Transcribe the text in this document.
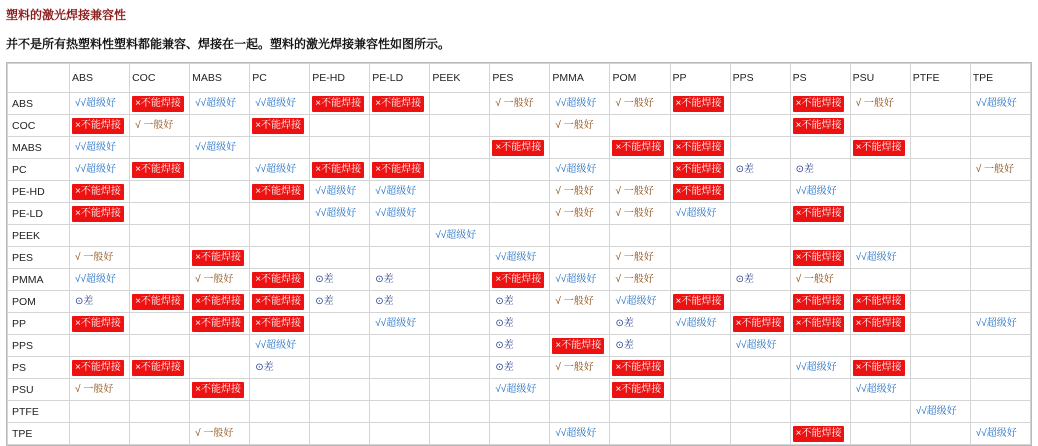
塑料的激光焊接兼容性
并不是所有热塑料性塑料都能兼容、焊接在一起。塑料的激光焊接兼容性如图所示。
	ABS	COC	MABS	PC	PE-HD	PE-LD	PEEK	PES	PMMA	POM	PP	PPS	PS	PSU	PTFE	TPE
ABS	√√超级好	×不能焊接	√√超级好	√√超级好	×不能焊接	×不能焊接		√ 一般好	√√超级好	√ 一般好	×不能焊接		×不能焊接	√ 一般好		√√超级好
COC	×不能焊接	√ 一般好		×不能焊接					√ 一般好				×不能焊接			
MABS	√√超级好		√√超级好					×不能焊接		×不能焊接	×不能焊接			×不能焊接		
PC	√√超级好	×不能焊接		√√超级好	×不能焊接	×不能焊接			√√超级好		×不能焊接	⊙差	⊙差			√ 一般好
PE-HD	×不能焊接			×不能焊接	√√超级好	√√超级好			√ 一般好	√ 一般好	×不能焊接		√√超级好			
PE-LD	×不能焊接				√√超级好	√√超级好			√ 一般好	√ 一般好	√√超级好		×不能焊接			
PEEK							√√超级好									
PES	√ 一般好		×不能焊接					√√超级好		√ 一般好			×不能焊接	√√超级好		
PMMA	√√超级好		√ 一般好	×不能焊接	⊙差	⊙差		×不能焊接	√√超级好	√ 一般好		⊙差	√ 一般好			
POM	⊙差	×不能焊接	×不能焊接	×不能焊接	⊙差	⊙差		⊙差	√ 一般好	√√超级好	×不能焊接		×不能焊接	×不能焊接		
PP	×不能焊接		×不能焊接	×不能焊接		√√超级好		⊙差		⊙差	√√超级好	×不能焊接	×不能焊接	×不能焊接		√√超级好
PPS				√√超级好				⊙差	×不能焊接	⊙差		√√超级好				
PS	×不能焊接	×不能焊接		⊙差				⊙差	√ 一般好	×不能焊接			√√超级好	×不能焊接		
PSU	√ 一般好		×不能焊接					√√超级好		×不能焊接				√√超级好		
PTFE															√√超级好	
TPE			√ 一般好						√√超级好				×不能焊接			√√超级好
